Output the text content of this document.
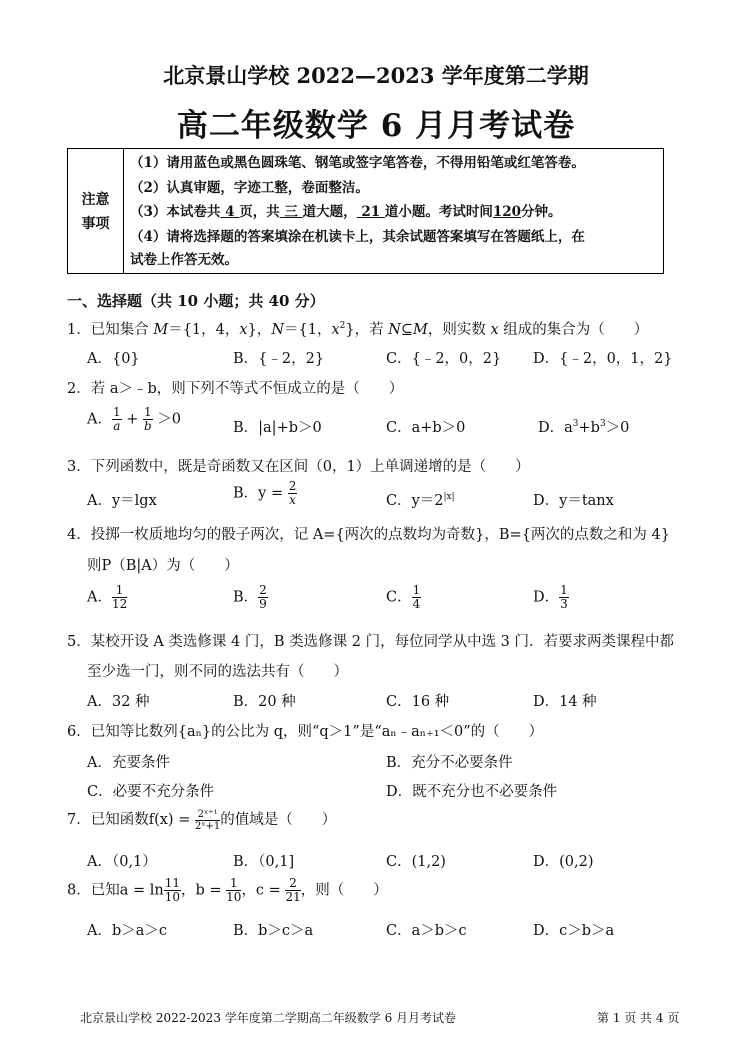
北京景山学校 2022—2023 学年度第二学期
高二年级数学 6 月月考试卷
注意
事项
（1）请用蓝色或黑色圆珠笔、钢笔或签字笔答卷，不得用铅笔或红笔答卷。
（2）认真审题，字迹工整，卷面整洁。
（3）本试卷共 4 页，共 三 道大题， 21 道小题。考试时间120分钟。
（4）请将选择题的答案填涂在机读卡上，其余试题答案填写在答题纸上，在
试卷上作答无效。
一、选择题（共 10 小题；共 40 分）
1．已知集合 M＝{1，4，x}，N＝{1，$x^2$}，若 N⊆M，则实数 x 组成的集合为（　　）
A．{0}	B．{﹣2，2}	C．{﹣2，0，2} D．{﹣2，0，1，2}
2．若 a＞﹣b，则下列不等式不恒成立的是（　　）
A． $\frac{1}{a} + \frac{1}{b} >0$
B．|a|+b＞0	C．a+b＞0	D．$a^3+b^3>0$
3．下列函数中，既是奇函数又在区间（0，1）上单调递增的是（　　）
A．y＝lgx	B．$y = \frac{2}{x}$	C．$y=2^{|x|}$	D．y＝tanx
4．投掷一枚质地均匀的骰子两次，记 A={两次的点数均为奇数}，B={两次的点数之和为 4}
则P（B|A）为（　　）
A． $\frac{1}{12}$	B． $\frac{2}{9}$	C． $\frac{1}{4}$	D． $\frac{1}{3}$
5．某校开设 A 类选修课 4 门，B 类选修课 2 门，每位同学从中选 3 门．若要求两类课程中都
至少选一门，则不同的选法共有（　　）
A．32 种	B．20 种	C．16 种	D．14 种
6．已知等比数列{aₙ}的公比为 q，则“q＞1”是“aₙ﹣aₙ₊₁＜0”的（　　）
A．充要条件	B．充分不必要条件
C．必要不充分条件	D．既不充分也不必要条件
7．已知函数$f(x) = \frac{\text{2ˣ⁺¹}}{\text{2ˣ+1}}$ 的值域是（　　）
A．（0,1）	B．（0,1]	C．(1,2)	D．(0,2)
8．已知$a = \ln \frac{11}{10}$ ，$b = \frac{1}{10}$ ，$c = \frac{2}{21}$ ，则（　　）
A．b＞a＞c	B．b＞c＞a	C．a＞b＞c	D．c＞b＞a
北京景山学校 2022-2023 学年度第二学期高二年级数学 6 月月考试卷	第 1 页 共 4 页
